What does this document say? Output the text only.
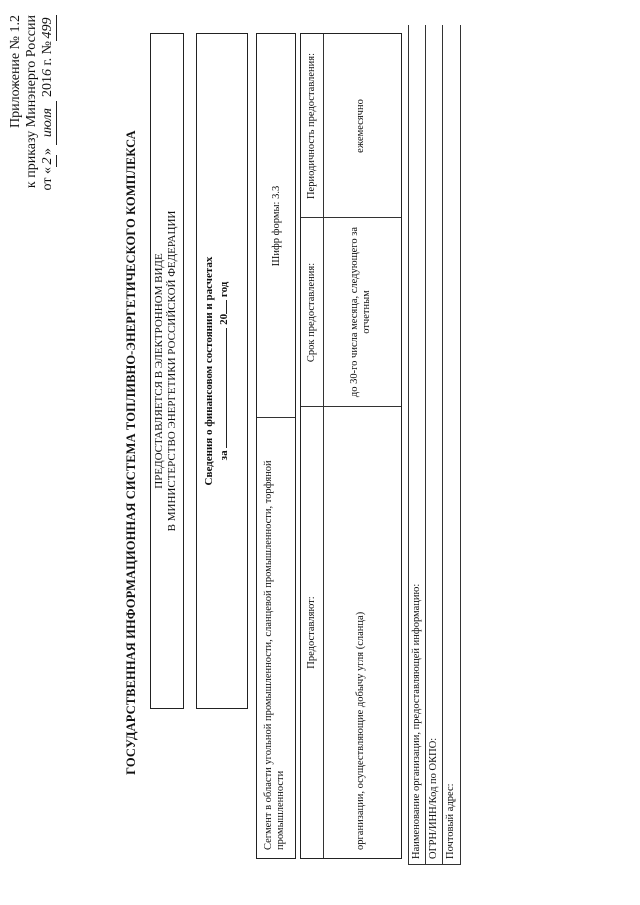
Приложение № 1.2 к приказу Минэнерго России от «2» июля 2016 г. №499
ГОСУДАРСТВЕННАЯ ИНФОРМАЦИОННАЯ СИСТЕМА ТОПЛИВНО-ЭНЕРГЕТИЧЕСКОГО КОМПЛЕКСА ПРЕДОСТАВЛЯЕТСЯ В ЭЛЕКТРОННОМ ВИДЕ В МИНИСТЕРСТВО ЭНЕРГЕТИКИ РОССИЙСКОЙ ФЕДЕРАЦИИ Сведения о финансовом состоянии и расчетах за  20 год
Сегмент в области угольной промышленности, сланцевой промышленности, торфяной промышленности
Шифр формы: 3.3
Предоставляют:
Срок предоставления:
Периодичность предоставления:
организации, осуществляющие добычу угля (сланца)
до 30-го числа месяца, следующего за отчетным
ежемесячно
Наименование организации, предоставляющей информацию: ОГРН/ИНН/Код по ОКПО: Почтовый адрес:
